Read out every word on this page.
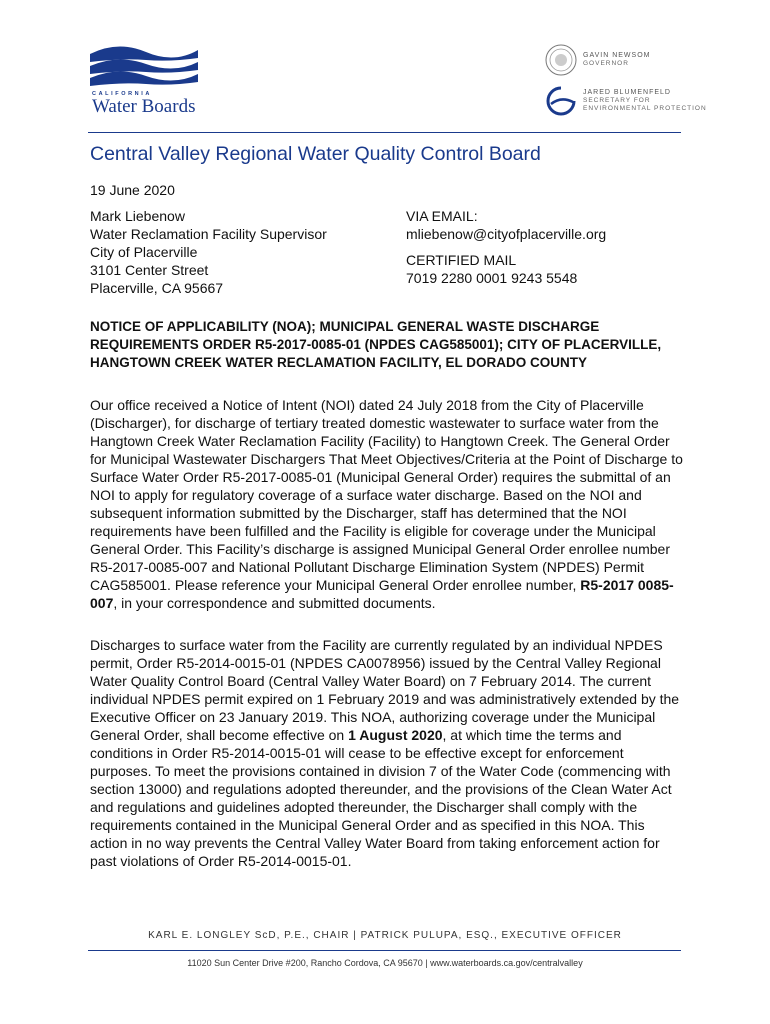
CALIFORNIA
Water Boards
GAVIN NEWSOM
GOVERNOR
JARED BLUMENFELD
SECRETARY FOR
ENVIRONMENTAL PROTECTION
Central Valley Regional Water Quality Control Board
19 June 2020
Mark Liebenow
Water Reclamation Facility Supervisor
City of Placerville
3101 Center Street
Placerville, CA 95667
VIA EMAIL:
mliebenow@cityofplacerville.org
CERTIFIED MAIL
7019 2280 0001 9243 5548

NOTICE OF APPLICABILITY (NOA); MUNICIPAL GENERAL WASTE DISCHARGE REQUIREMENTS ORDER R5-2017-0085-01 (NPDES CAG585001); CITY OF PLACERVILLE, HANGTOWN CREEK WATER RECLAMATION FACILITY, EL DORADO COUNTY

Our office received a Notice of Intent (NOI) dated 24 July 2018 from the City of Placerville (Discharger), for discharge of tertiary treated domestic wastewater to surface water from the Hangtown Creek Water Reclamation Facility (Facility) to Hangtown Creek. The General Order for Municipal Wastewater Dischargers That Meet Objectives/Criteria at the Point of Discharge to Surface Water Order R5-2017-0085-01 (Municipal General Order) requires the submittal of an NOI to apply for regulatory coverage of a surface water discharge. Based on the NOI and subsequent information submitted by the Discharger, staff has determined that the NOI requirements have been fulfilled and the Facility is eligible for coverage under the Municipal General Order. This Facility’s discharge is assigned Municipal General Order enrollee number R5-2017-0085-007 and National Pollutant Discharge Elimination System (NPDES) Permit CAG585001. Please reference your Municipal General Order enrollee number, R5-2017 0085-007, in your correspondence and submitted documents.

Discharges to surface water from the Facility are currently regulated by an individual NPDES permit, Order R5-2014-0015-01 (NPDES CA0078956) issued by the Central Valley Regional Water Quality Control Board (Central Valley Water Board) on 7 February 2014. The current individual NPDES permit expired on 1 February 2019 and was administratively extended by the Executive Officer on 23 January 2019. This NOA, authorizing coverage under the Municipal General Order, shall become effective on 1 August 2020, at which time the terms and conditions in Order R5-2014-0015-01 will cease to be effective except for enforcement purposes. To meet the provisions contained in division 7 of the Water Code (commencing with section 13000) and regulations adopted thereunder, and the provisions of the Clean Water Act and regulations and guidelines adopted thereunder, the Discharger shall comply with the requirements contained in the Municipal General Order and as specified in this NOA. This action in no way prevents the Central Valley Water Board from taking enforcement action for past violations of Order R5-2014-0015-01.

KARL E. LONGLEY ScD, P.E., CHAIR | PATRICK PULUPA, ESQ., EXECUTIVE OFFICER
11020 Sun Center Drive #200, Rancho Cordova, CA 95670 | www.waterboards.ca.gov/centralvalley
